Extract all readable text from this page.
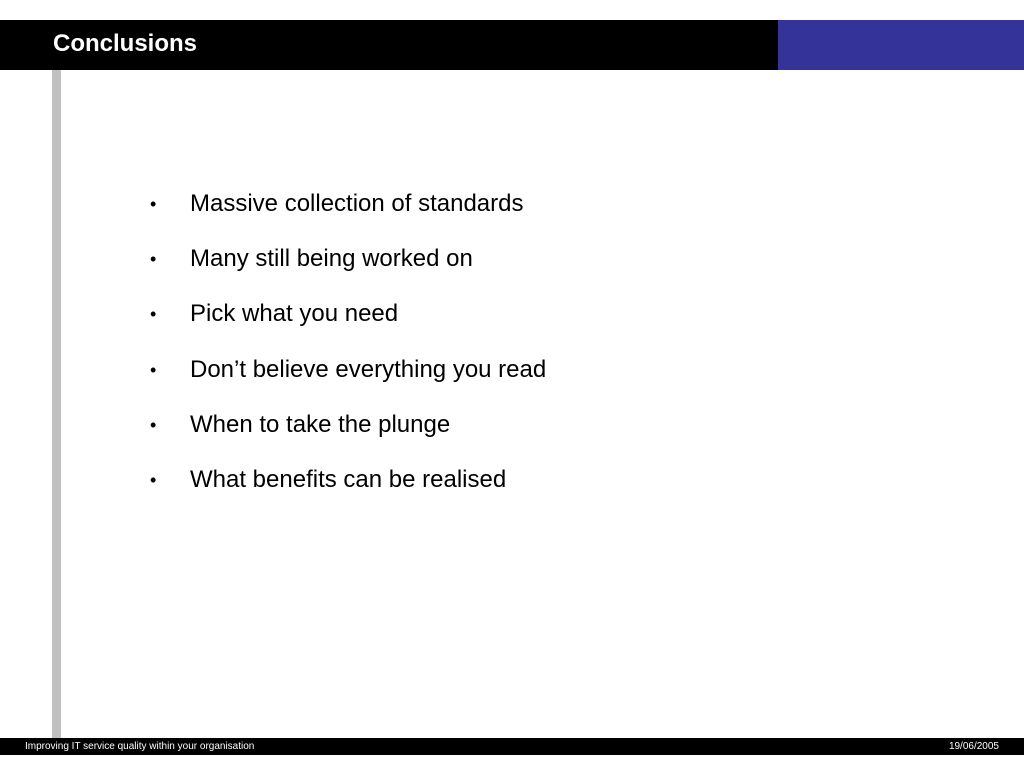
Conclusions
•	Massive collection of standards
•	Many still being worked on
•	Pick what you need
•	Don’t believe everything you read
•	When to take the plunge
•	What benefits can be realised
Improving IT service quality within your organisation	19/06/2005
